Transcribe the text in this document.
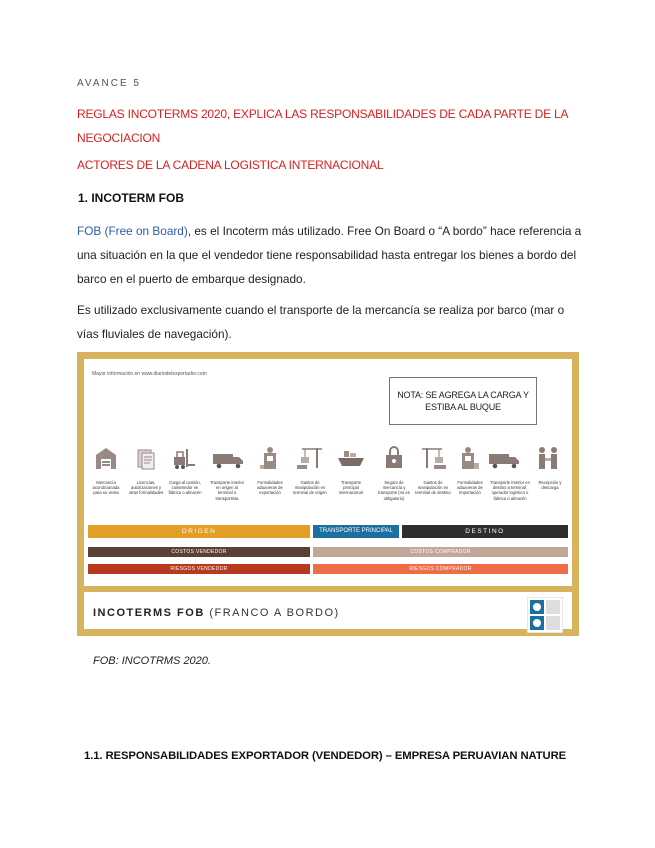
AVANCE 5
REGLAS INCOTERMS 2020, EXPLICA LAS RESPONSABILIDADES DE CADA PARTE DE LA NEGOCIACION
ACTORES DE LA CADENA LOGISTICA INTERNACIONAL
1. INCOTERM FOB
FOB (Free on Board), es el Incoterm más utilizado. Free On Board o “A bordo” hace referencia a una situación en la que el vendedor tiene responsabilidad hasta entregar los bienes a bordo del barco en el puerto de embarque designado.
Es utilizado exclusivamente cuando el transporte de la mercancía se realiza por barco (mar o vías fluviales de navegación).
Mayor información en www.diariodelexportador.com
NOTA: SE AGREGA LA CARGA Y ESTIBA AL BUQUE
Mercancía acondicionada para su venta
Licencias, autorizaciones y otras formalidades
Carga al camión, contenedor en fábrica o almacén
Transporte interior en origen al terminal o transportista
Formalidades aduaneras de exportación
Gastos de manipulación en terminal de origen
Transporte principal internacional
Seguro de mercancía y transporte (no es obligatorio)
Gastos de manipulación en terminal de destino
Formalidades aduaneras de importación
Transporte interior en destino a terminal, operador logístico o fábrica o almacén
Recepción y descarga
ORIGEN	TRANSPORTE PRINCIPAL	DESTINO
COSTOS VENDEDOR	COSTOS COMPRADOR
RIESGOS VENDEDOR	RIESGOS COMPRADOR
INCOTERMS FOB (FRANCO A BORDO)
FOB: INCOTRMS 2020.
1.1. RESPONSABILIDADES EXPORTADOR (VENDEDOR) – EMPRESA PERUAVIAN NATURE
